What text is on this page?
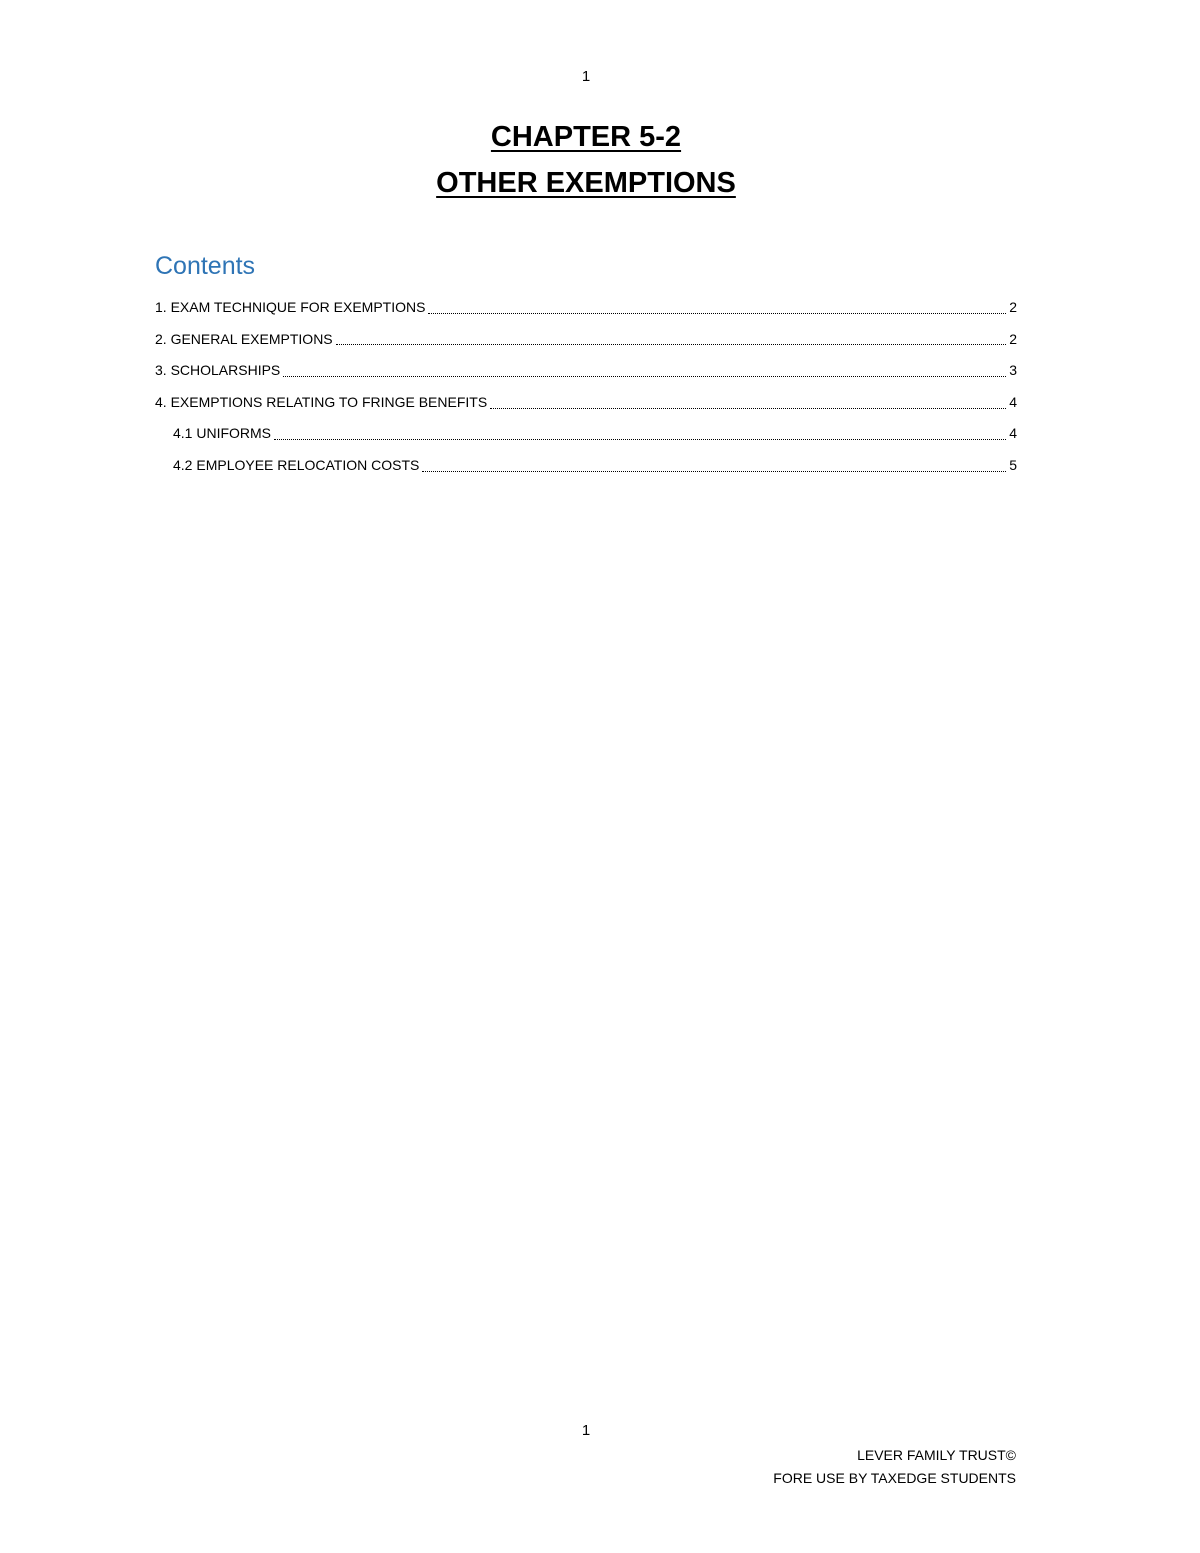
1
CHAPTER 5-2
OTHER EXEMPTIONS
Contents
1. EXAM TECHNIQUE FOR EXEMPTIONS	2
2. GENERAL EXEMPTIONS	2
3. SCHOLARSHIPS	3
4. EXEMPTIONS RELATING TO FRINGE BENEFITS	4
4.1 UNIFORMS	4
4.2 EMPLOYEE RELOCATION COSTS	5
1
LEVER FAMILY TRUST©
FORE USE BY TAXEDGE STUDENTS
